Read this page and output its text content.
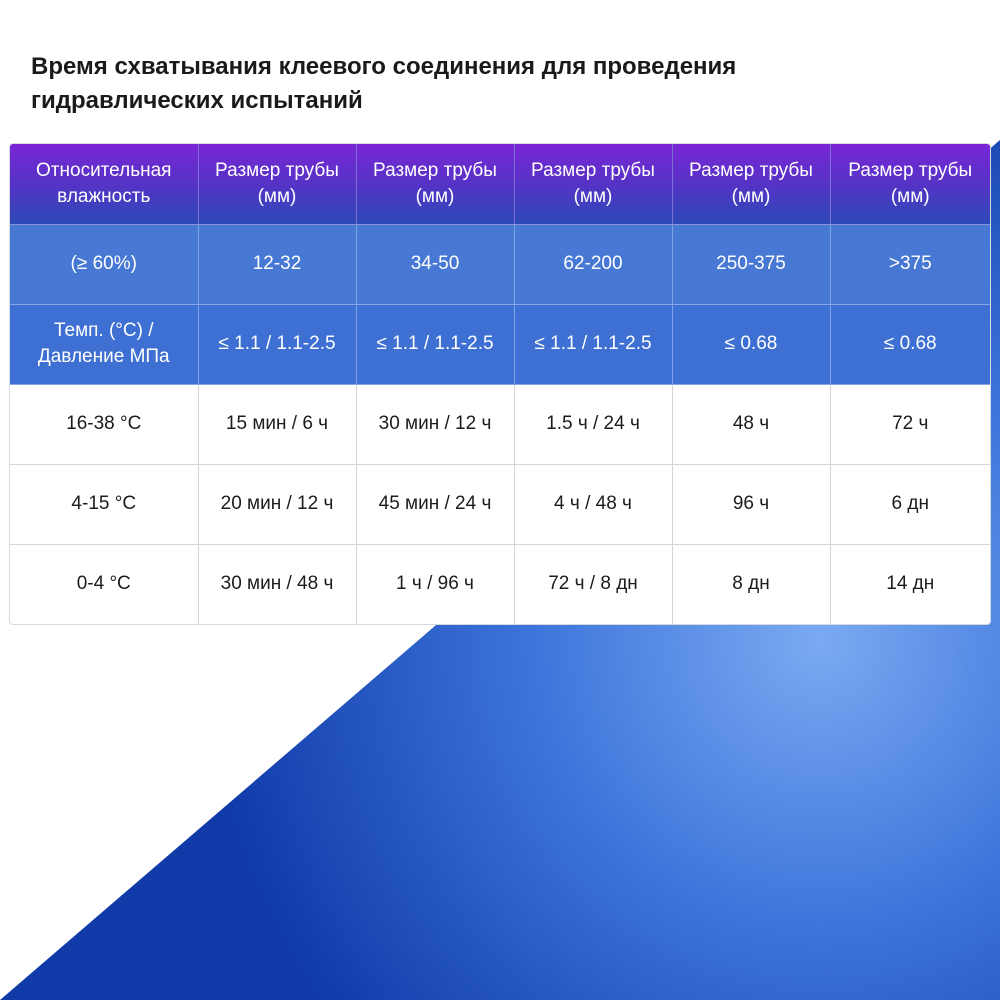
Время схватывания клеевого соединения для проведения
гидравлических испытаний
Относительная влажность	Размер трубы (мм)	Размер трубы (мм)	Размер трубы (мм)	Размер трубы (мм)	Размер трубы (мм)
(≥ 60%)	12-32	34-50	62-200	250-375	>375
Темп. (°C) / Давление МПа	≤ 1.1 / 1.1-2.5	≤ 1.1 / 1.1-2.5	≤ 1.1 / 1.1-2.5	≤ 0.68	≤ 0.68
16-38 °C	15 мин / 6 ч	30 мин / 12 ч	1.5 ч / 24 ч	48 ч	72 ч
4-15 °C	20 мин / 12 ч	45 мин / 24 ч	4 ч / 48 ч	96 ч	6 дн
0-4 °C	30 мин / 48 ч	1 ч / 96 ч	72 ч / 8 дн	8 дн	14 дн
